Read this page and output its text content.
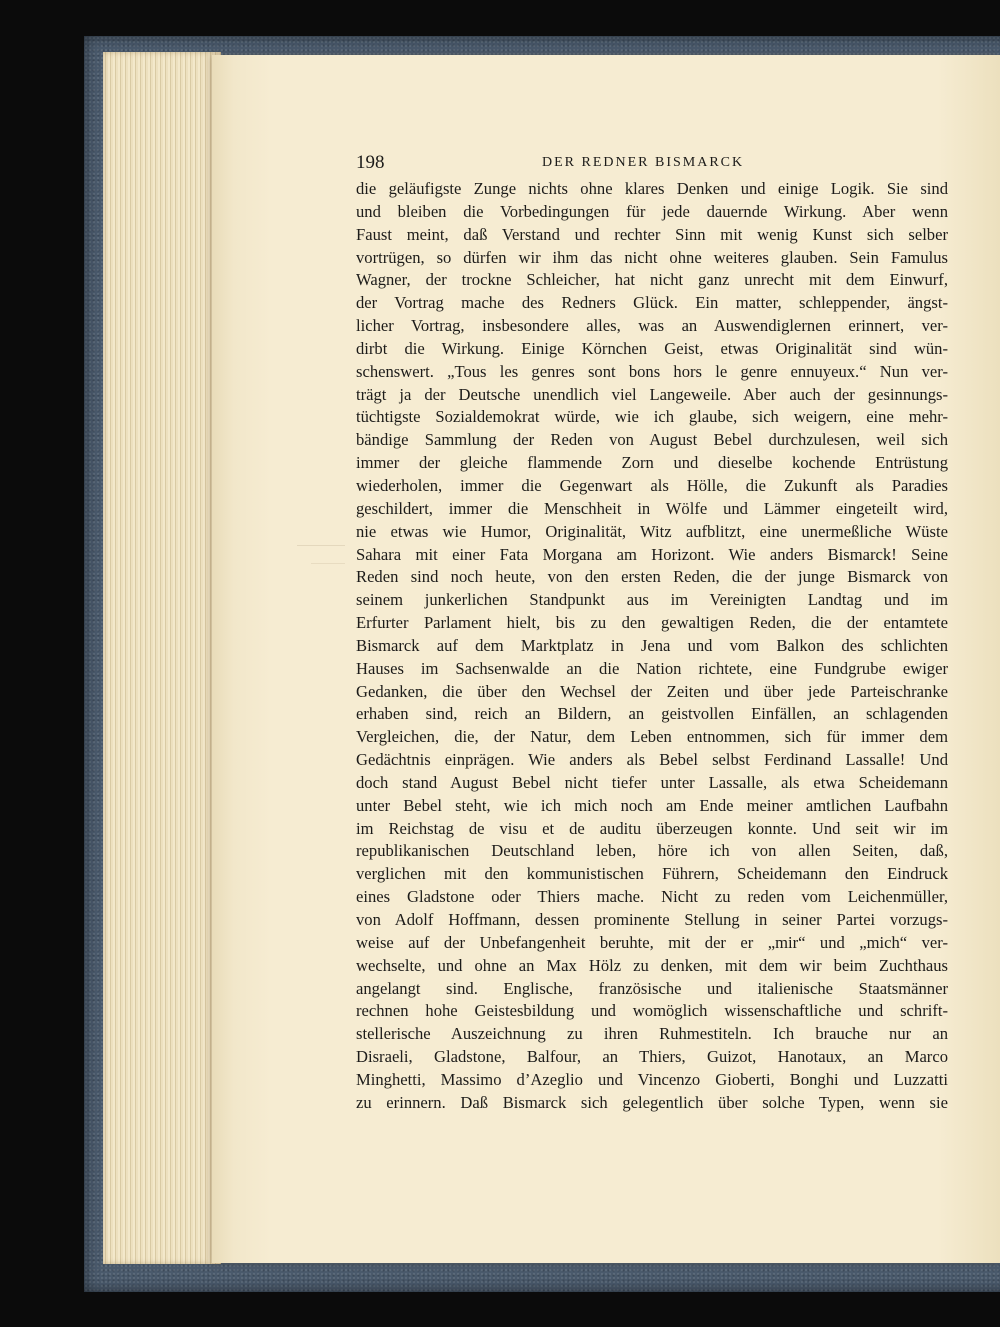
198	DER REDNER BISMARCK
die geläufigste Zunge nichts ohne klares Denken und einige Logik. Sie sind
und bleiben die Vorbedingungen für jede dauernde Wirkung. Aber wenn
Faust meint, daß Verstand und rechter Sinn mit wenig Kunst sich selber
vortrügen, so dürfen wir ihm das nicht ohne weiteres glauben. Sein Famulus
Wagner, der trockne Schleicher, hat nicht ganz unrecht mit dem Einwurf,
der Vortrag mache des Redners Glück. Ein matter, schleppender, ängst-
licher Vortrag, insbesondere alles, was an Auswendiglernen erinnert, ver-
dirbt die Wirkung. Einige Körnchen Geist, etwas Originalität sind wün-
schenswert. „Tous les genres sont bons hors le genre ennuyeux.“ Nun ver-
trägt ja der Deutsche unendlich viel Langeweile. Aber auch der gesinnungs-
tüchtigste Sozialdemokrat würde, wie ich glaube, sich weigern, eine mehr-
bändige Sammlung der Reden von August Bebel durchzulesen, weil sich
immer der gleiche flammende Zorn und dieselbe kochende Entrüstung
wiederholen, immer die Gegenwart als Hölle, die Zukunft als Paradies
geschildert, immer die Menschheit in Wölfe und Lämmer eingeteilt wird,
nie etwas wie Humor, Originalität, Witz aufblitzt, eine unermeßliche Wüste
Sahara mit einer Fata Morgana am Horizont. Wie anders Bismarck! Seine
Reden sind noch heute, von den ersten Reden, die der junge Bismarck von
seinem junkerlichen Standpunkt aus im Vereinigten Landtag und im
Erfurter Parlament hielt, bis zu den gewaltigen Reden, die der entamtete
Bismarck auf dem Marktplatz in Jena und vom Balkon des schlichten
Hauses im Sachsenwalde an die Nation richtete, eine Fundgrube ewiger
Gedanken, die über den Wechsel der Zeiten und über jede Parteischranke
erhaben sind, reich an Bildern, an geistvollen Einfällen, an schlagenden
Vergleichen, die, der Natur, dem Leben entnommen, sich für immer dem
Gedächtnis einprägen. Wie anders als Bebel selbst Ferdinand Lassalle! Und
doch stand August Bebel nicht tiefer unter Lassalle, als etwa Scheidemann
unter Bebel steht, wie ich mich noch am Ende meiner amtlichen Laufbahn
im Reichstag de visu et de auditu überzeugen konnte. Und seit wir im
republikanischen Deutschland leben, höre ich von allen Seiten, daß,
verglichen mit den kommunistischen Führern, Scheidemann den Eindruck
eines Gladstone oder Thiers mache. Nicht zu reden vom Leichenmüller,
von Adolf Hoffmann, dessen prominente Stellung in seiner Partei vorzugs-
weise auf der Unbefangenheit beruhte, mit der er „mir“ und „mich“ ver-
wechselte, und ohne an Max Hölz zu denken, mit dem wir beim Zuchthaus
angelangt sind. Englische, französische und italienische Staatsmänner
rechnen hohe Geistesbildung und womöglich wissenschaftliche und schrift-
stellerische Auszeichnung zu ihren Ruhmestiteln. Ich brauche nur an
Disraeli, Gladstone, Balfour, an Thiers, Guizot, Hanotaux, an Marco
Minghetti, Massimo d’Azeglio und Vincenzo Gioberti, Bonghi und Luzzatti
zu erinnern. Daß Bismarck sich gelegentlich über solche Typen, wenn sie
